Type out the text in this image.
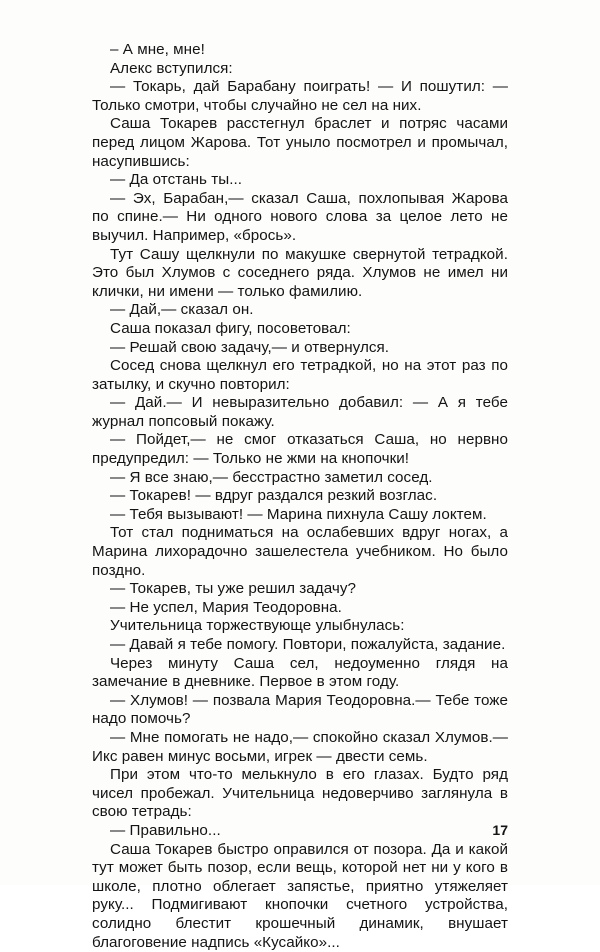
– А мне, мне!

Алекс вступился:

— Токарь, дай Барабану поиграть! — И пошутил: — Только смотри, чтобы случайно не сел на них.

Саша Токарев расстегнул браслет и потряс часами перед лицом Жарова. Тот уныло посмотрел и промычал, насупившись:

— Да отстань ты...

— Эх, Барабан,— сказал Саша, похлопывая Жарова по спине.— Ни одного нового слова за целое лето не выучил. Например, «брось».

Тут Сашу щелкнули по макушке свернутой тетрадкой. Это был Хлумов с соседнего ряда. Хлумов не имел ни клички, ни имени — только фамилию.

— Дай,— сказал он.

Саша показал фигу, посоветовал:

— Решай свою задачу,— и отвернулся.

Сосед снова щелкнул его тетрадкой, но на этот раз по затылку, и скучно повторил:

— Дай.— И невыразительно добавил: — А я тебе журнал попсовый покажу.

— Пойдет,— не смог отказаться Саша, но нервно предупредил: — Только не жми на кнопочки!

— Я все знаю,— бесстрастно заметил сосед.

— Токарев! — вдруг раздался резкий возглас.

— Тебя вызывают! — Марина пихнула Сашу локтем.

Тот стал подниматься на ослабевших вдруг ногах, а Марина лихорадочно зашелестела учебником. Но было поздно.

— Токарев, ты уже решил задачу?

— Не успел, Мария Теодоровна.

Учительница торжествующе улыбнулась:

— Давай я тебе помогу. Повтори, пожалуйста, задание.

Через минуту Саша сел, недоуменно глядя на замечание в дневнике. Первое в этом году.

— Хлумов! — позвала Мария Теодоровна.— Тебе тоже надо помочь?

— Мне помогать не надо,— спокойно сказал Хлумов.— Икс равен минус восьми, игрек — двести семь.

При этом что-то мелькнуло в его глазах. Будто ряд чисел пробежал. Учительница недоверчиво заглянула в свою тетрадь:

— Правильно...

Саша Токарев быстро оправился от позора. Да и какой тут может быть позор, если вещь, которой нет ни у кого в школе, плотно облегает запястье, приятно утяжеляет руку... Подмигивают кнопочки счетного устройства, солидно блестит крошечный динамик, внушает благоговение надпись «Кусайко»...

17
